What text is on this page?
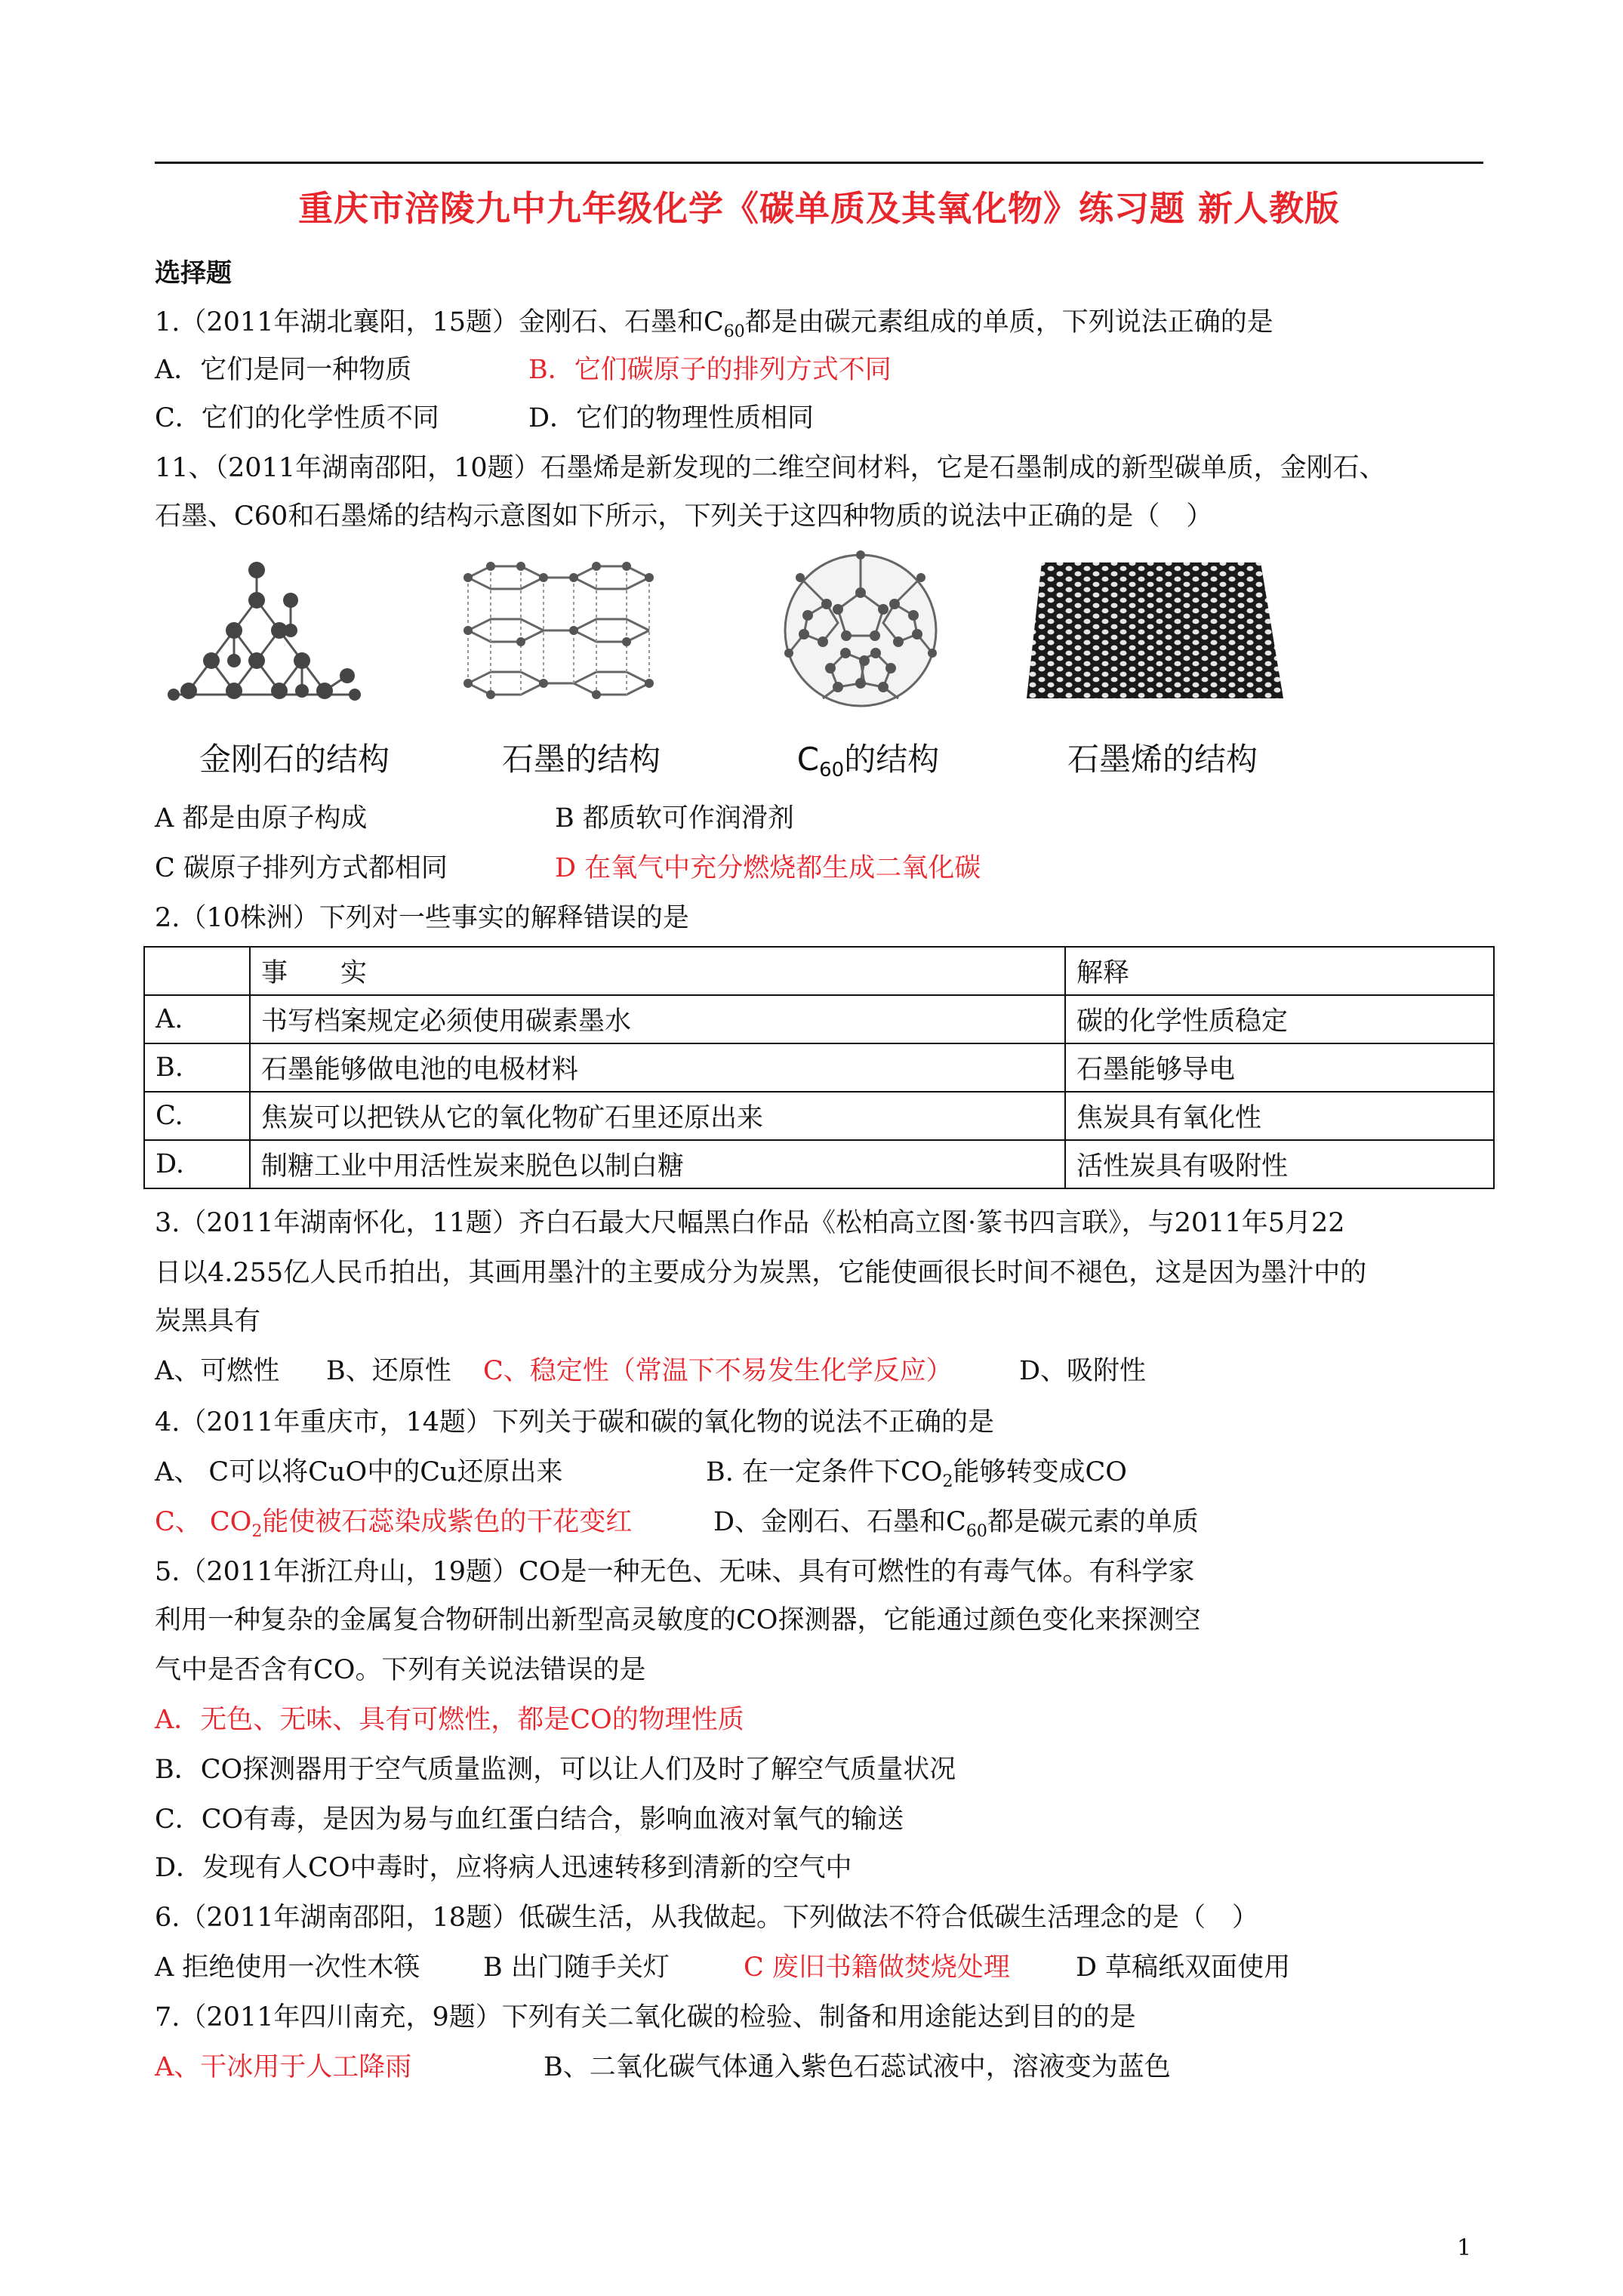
重庆市涪陵九中九年级化学《碳单质及其氧化物》练习题 新人教版
选择题
1.（2011年湖北襄阳，15题）金刚石、石墨和$C_{60}$都是由碳元素组成的单质，下列说法正确的是
A．它们是同一种物质	B．它们碳原子的排列方式不同
C．它们的化学性质不同	D．它们的物理性质相同
11、（2011年湖南邵阳，10题）石墨烯是新发现的二维空间材料，它是石墨制成的新型碳单质，金刚石、
石墨、C60和石墨烯的结构示意图如下所示，下列关于这四种物质的说法中正确的是（　）
金刚石的结构	石墨的结构	C60的结构	石墨烯的结构
A 都是由原子构成	B 都质软可作润滑剂
C 碳原子排列方式都相同	D 在氧气中充分燃烧都生成二氧化碳
2.（10株洲）下列对一些事实的解释错误的是
	事　　实	解释
A.	书写档案规定必须使用碳素墨水	碳的化学性质稳定
B.	石墨能够做电池的电极材料	石墨能够导电
C.	焦炭可以把铁从它的氧化物矿石里还原出来	焦炭具有氧化性
D.	制糖工业中用活性炭来脱色以制白糖	活性炭具有吸附性
3.（2011年湖南怀化，11题）齐白石最大尺幅黑白作品《松柏高立图·篆书四言联》，与2011年5月22
日以4.255亿人民币拍出，其画用墨汁的主要成分为炭黑，它能使画很长时间不褪色，这是因为墨汁中的
炭黑具有
A、可燃性 B、还原性 C、稳定性（常温下不易发生化学反应）	D、吸附性
4.（2011年重庆市，14题）下列关于碳和碳的氧化物的说法不正确的是
A、 C可以将CuO中的Cu还原出来	B. 在一定条件下$CO_2$能够转变成CO
C、 $CO_2$能使被石蕊染成紫色的干花变红	D、金刚石、石墨和$C_{60}$都是碳元素的单质
5.（2011年浙江舟山，19题）CO是一种无色、无味、具有可燃性的有毒气体。有科学家
利用一种复杂的金属复合物研制出新型高灵敏度的CO探测器，它能通过颜色变化来探测空
气中是否含有CO。下列有关说法错误的是
A．无色、无味、具有可燃性，都是CO的物理性质
B．CO探测器用于空气质量监测，可以让人们及时了解空气质量状况
C．CO有毒，是因为易与血红蛋白结合，影响血液对氧气的输送
D．发现有人CO中毒时，应将病人迅速转移到清新的空气中
6.（2011年湖南邵阳，18题）低碳生活，从我做起。下列做法不符合低碳生活理念的是（　）
A 拒绝使用一次性木筷 B 出门随手关灯	C 废旧书籍做焚烧处理 D 草稿纸双面使用
7.（2011年四川南充，9题）下列有关二氧化碳的检验、制备和用途能达到目的的是
A、干冰用于人工降雨	B、二氧化碳气体通入紫色石蕊试液中，溶液变为蓝色
1
